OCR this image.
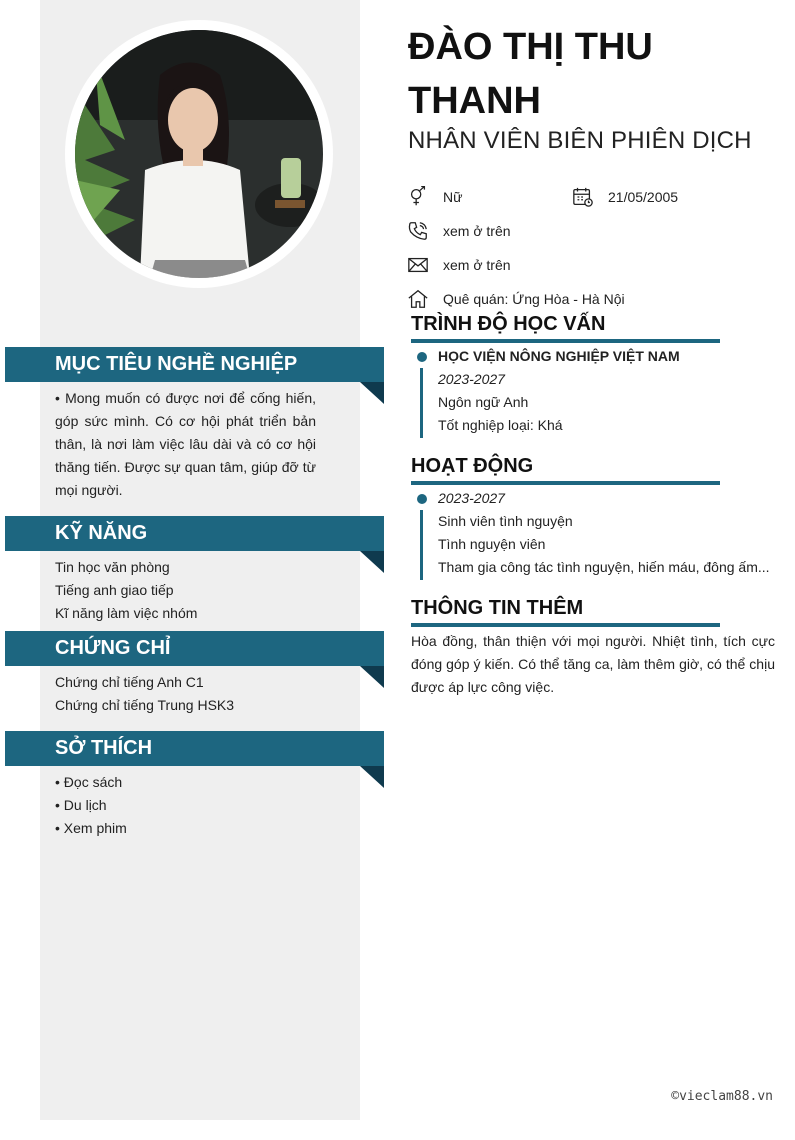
MỤC TIÊU NGHỀ NGHIỆP
• Mong muốn có được nơi để cống hiến, góp sức mình. Có cơ hội phát triển bản thân, là nơi làm việc lâu dài và có cơ hội thăng tiến. Được sự quan tâm, giúp đỡ từ mọi người.
KỸ NĂNG
Tin học văn phòng
Tiếng anh giao tiếp
Kĩ năng làm việc nhóm
CHỨNG CHỈ
Chứng chỉ tiếng Anh C1
Chứng chỉ tiếng Trung HSK3
SỞ THÍCH
• Đọc sách
• Du lịch
• Xem phim
ĐÀO THỊ THU THANH
NHÂN VIÊN BIÊN PHIÊN DỊCH
Nữ	21/05/2005
xem ở trên
xem ở trên
Quê quán: Ứng Hòa - Hà Nội
TRÌNH ĐỘ HỌC VẤN
HỌC VIỆN NÔNG NGHIỆP VIỆT NAM
2023-2027
Ngôn ngữ Anh
Tốt nghiệp loại: Khá
HOẠT ĐỘNG
2023-2027
Sinh viên tình nguyện
Tình nguyện viên
Tham gia công tác tình nguyện, hiến máu, đông ấm...
THÔNG TIN THÊM
Hòa đồng, thân thiện với mọi người. Nhiệt tình, tích cực đóng góp ý kiến. Có thể tăng ca, làm thêm giờ, có thể chịu được áp lực công việc.
©vieclam88.vn
